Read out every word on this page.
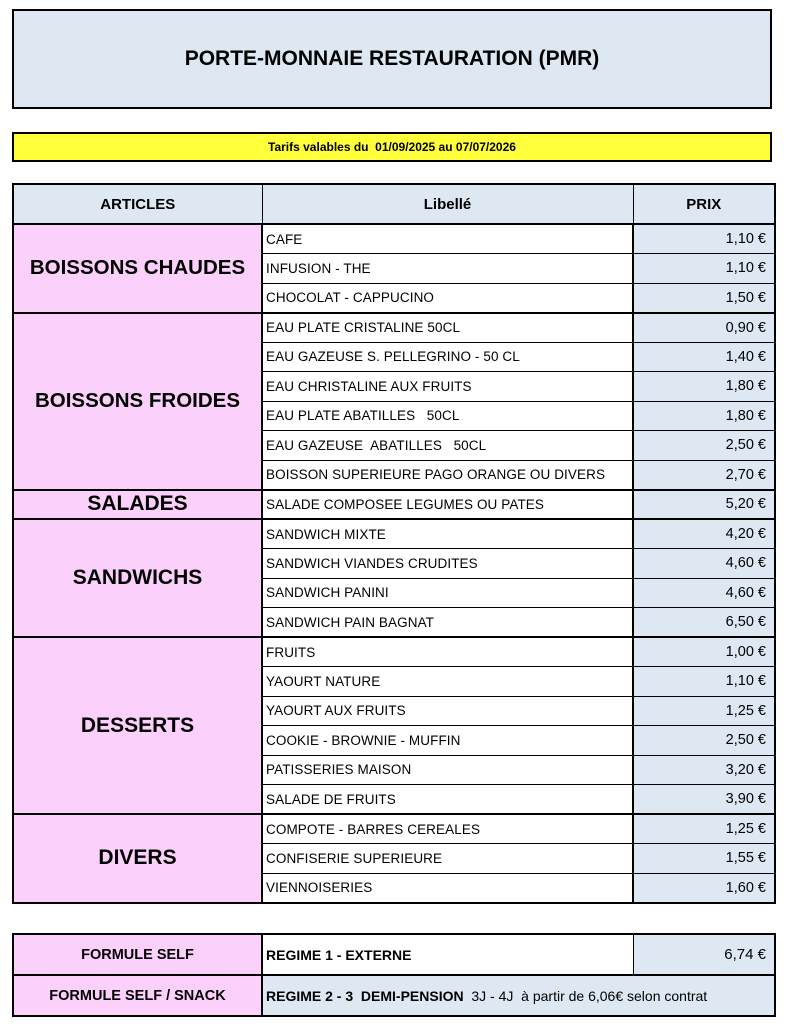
PORTE-MONNAIE RESTAURATION (PMR)
Tarifs valables du  01/09/2025 au 07/07/2026
ARTICLES	Libellé	PRIX
BOISSONS CHAUDES	CAFE	1,10 €
	INFUSION - THE	1,10 €
	CHOCOLAT - CAPPUCINO	1,50 €
BOISSONS FROIDES	EAU PLATE CRISTALINE 50CL	0,90 €
	EAU GAZEUSE S. PELLEGRINO - 50 CL	1,40 €
	EAU CHRISTALINE AUX FRUITS	1,80 €
	EAU PLATE ABATILLES   50CL	1,80 €
	EAU GAZEUSE  ABATILLES   50CL	2,50 €
	BOISSON SUPERIEURE PAGO ORANGE OU DIVERS	2,70 €
SALADES	SALADE COMPOSEE LEGUMES OU PATES	5,20 €
SANDWICHS	SANDWICH MIXTE	4,20 €
	SANDWICH VIANDES CRUDITES	4,60 €
	SANDWICH PANINI	4,60 €
	SANDWICH PAIN BAGNAT	6,50 €
DESSERTS	FRUITS	1,00 €
	YAOURT NATURE	1,10 €
	YAOURT AUX FRUITS	1,25 €
	COOKIE - BROWNIE - MUFFIN	2,50 €
	PATISSERIES MAISON	3,20 €
	SALADE DE FRUITS	3,90 €
DIVERS	COMPOTE - BARRES CEREALES	1,25 €
	CONFISERIE SUPERIEURE	1,55 €
	VIENNOISERIES	1,60 €
FORMULE SELF	REGIME 1 - EXTERNE	6,74 €
FORMULE SELF / SNACK	REGIME 2 - 3  DEMI-PENSION  3J - 4J  à partir de 6,06€ selon contrat	
